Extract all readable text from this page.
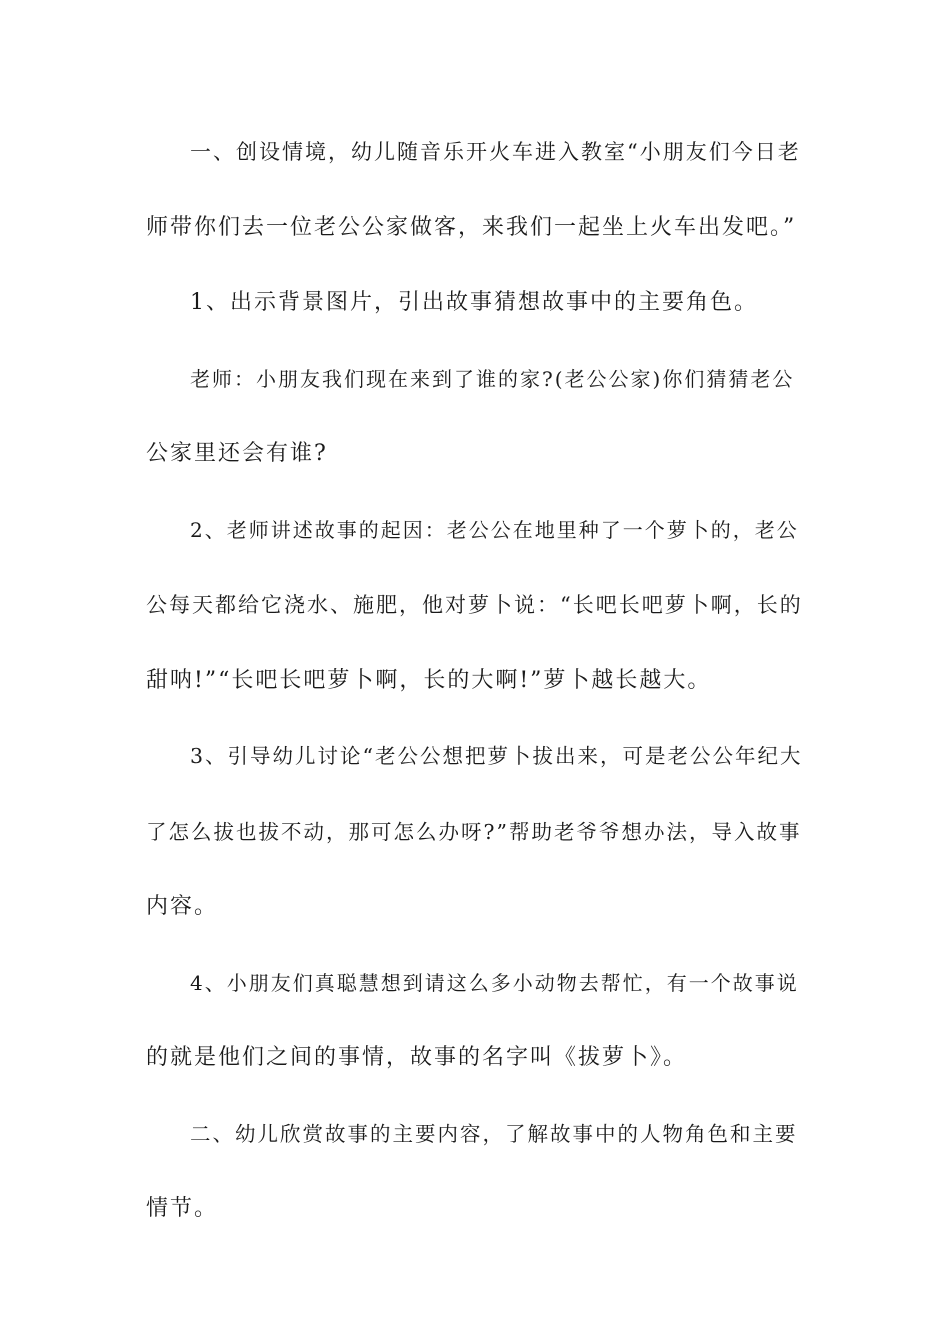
一、创设情境，幼儿随音乐开火车进入教室“小朋友们今日老

师带你们去一位老公公家做客，来我们一起坐上火车出发吧。”

1、出示背景图片，引出故事猜想故事中的主要角色。

老师：小朋友我们现在来到了谁的家?(老公公家)你们猜猜老公

公家里还会有谁?

2、老师讲述故事的起因：老公公在地里种了一个萝卜的，老公

公每天都给它浇水、施肥，他对萝卜说：“长吧长吧萝卜啊，长的

甜呐!”“长吧长吧萝卜啊，长的大啊!”萝卜越长越大。

3、引导幼儿讨论“老公公想把萝卜拔出来，可是老公公年纪大

了怎么拔也拔不动，那可怎么办呀?”帮助老爷爷想办法，导入故事

内容。

4、小朋友们真聪慧想到请这么多小动物去帮忙，有一个故事说

的就是他们之间的事情，故事的名字叫《拔萝卜》。

二、幼儿欣赏故事的主要内容，了解故事中的人物角色和主要

情节。
